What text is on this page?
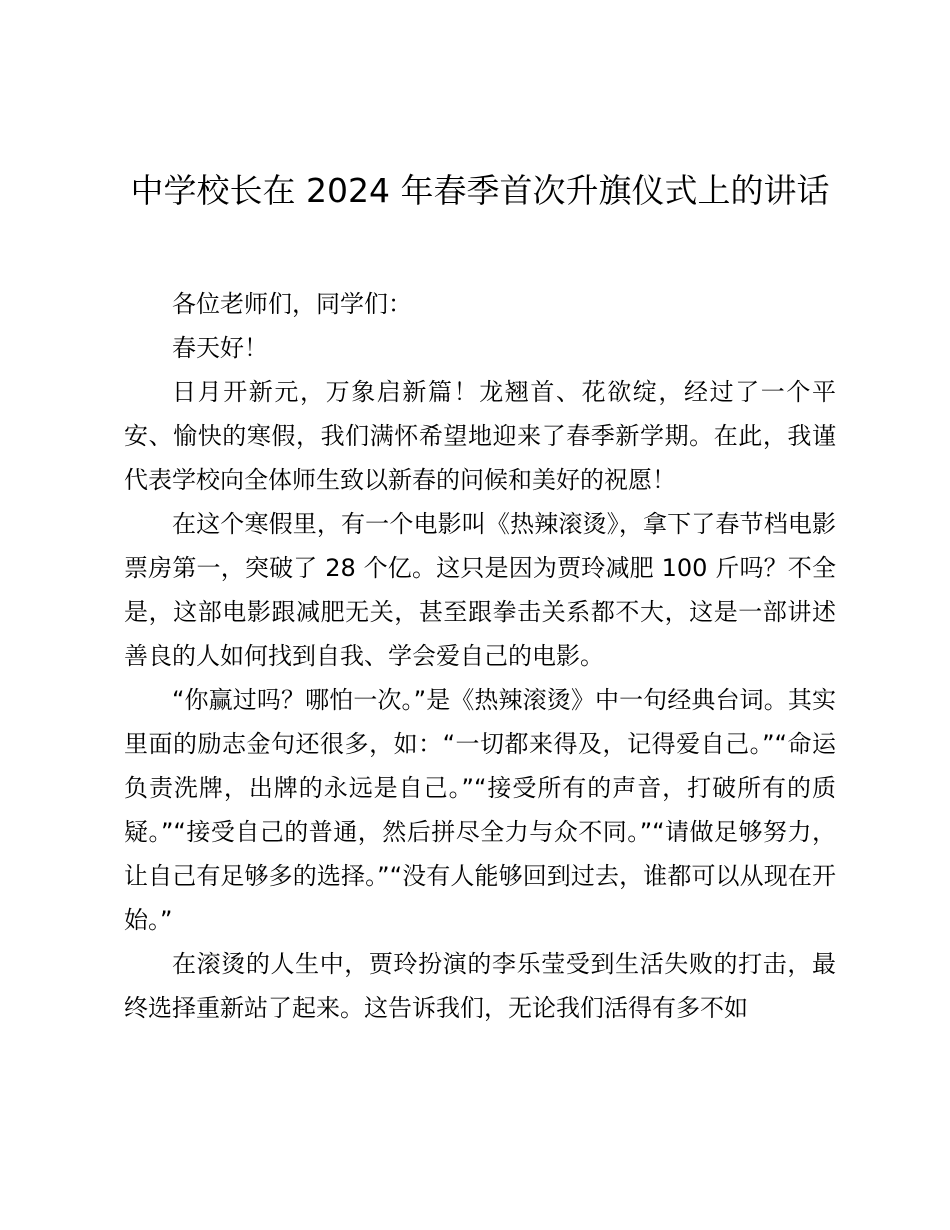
中学校长在 2024 年春季首次升旗仪式上的讲话

各位老师们，同学们：

春天好！

日月开新元，万象启新篇！龙翘首、花欲绽，经过了一个平安、愉快的寒假，我们满怀希望地迎来了春季新学期。在此，我谨代表学校向全体师生致以新春的问候和美好的祝愿！

在这个寒假里，有一个电影叫《热辣滚烫》，拿下了春节档电影票房第一，突破了 28 个亿。这只是因为贾玲减肥 100 斤吗？不全是，这部电影跟减肥无关，甚至跟拳击关系都不大，这是一部讲述善良的人如何找到自我、学会爱自己的电影。

“你赢过吗？哪怕一次。”是《热辣滚烫》中一句经典台词。其实里面的励志金句还很多，如：“一切都来得及，记得爱自己。”“命运负责洗牌，出牌的永远是自己。”“接受所有的声音，打破所有的质疑。”“接受自己的普通，然后拼尽全力与众不同。”“请做足够努力，让自己有足够多的选择。”“没有人能够回到过去，谁都可以从现在开始。”

在滚烫的人生中，贾玲扮演的李乐莹受到生活失败的打击，最终选择重新站了起来。这告诉我们，无论我们活得有多不如
